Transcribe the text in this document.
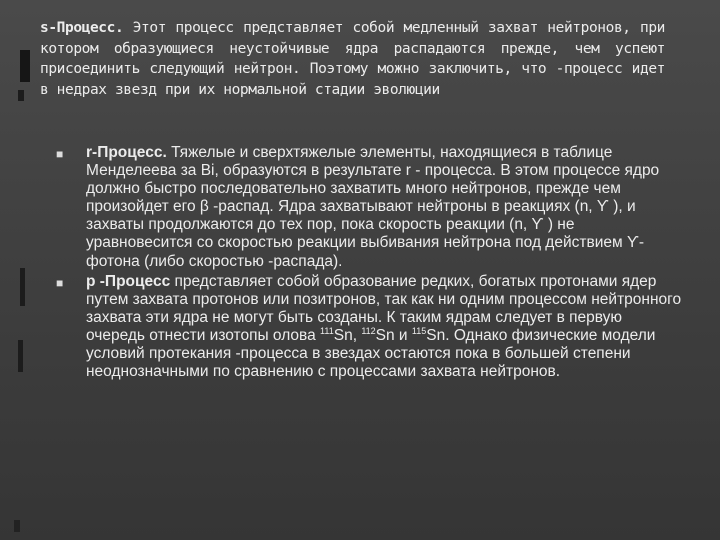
s-Процесс. Этот процесс представляет собой медленный захват нейтронов, при котором образующиеся неустойчивые ядра распадаются прежде, чем успеют присоединить следующий нейтрон. Поэтому можно заключить, что -процесс идет в недрах звезд при их нормальной стадии эволюции
■ r-Процесс. Тяжелые и сверхтяжелые элементы, находящиеся в таблице Менделеева за Bi, образуются в результате r - процесса. В этом процессе ядро должно быстро последовательно захватить много нейтронов, прежде чем произойдет его β -распад. Ядра захватывают нейтроны в реакциях (n, Ƴ ), и захваты продолжаются до тех пор, пока скорость реакции (n, Ƴ ) не уравновесится со скоростью реакции выбивания нейтрона под действием Ƴ-фотона (либо скоростью -распада).
■ p -Процесс представляет собой образование редких, богатых протонами ядер путем захвата протонов или позитронов, так как ни одним процессом нейтронного захвата эти ядра не могут быть созданы. К таким ядрам следует в первую очередь отнести изотопы олова $^{111}$Sn, $^{112}$Sn и $^{115}$Sn. Однако физические модели условий протекания -процесса в звездах остаются пока в большей степени неоднозначными по сравнению с процессами захвата нейтронов.
